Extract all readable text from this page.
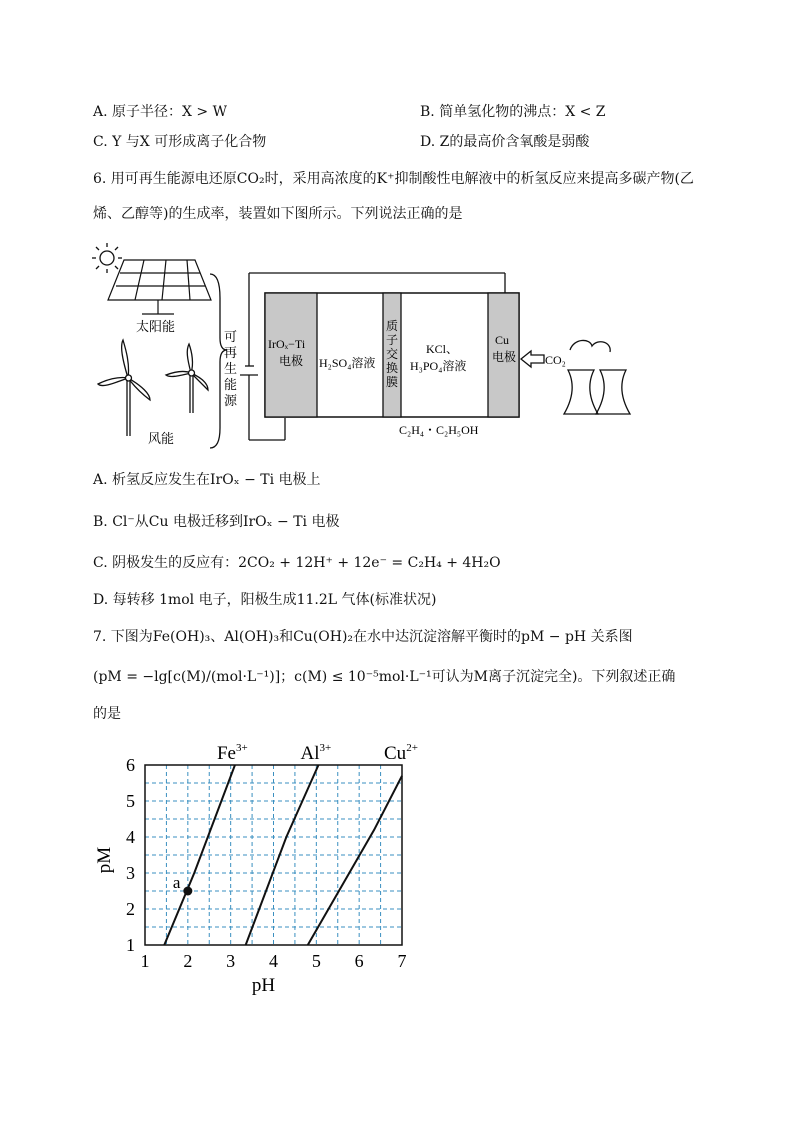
A. 原子半径：X > W	B. 简单氢化物的沸点：X < Z
C. Y 与X 可形成离子化合物	D. Z的最高价含氧酸是弱酸
6. 用可再生能源电还原CO₂时，采用高浓度的K⁺抑制酸性电解液中的析氢反应来提高多碳产物(乙
烯、乙醇等)的生成率，装置如下图所示。下列说法正确的是
太阳能
风能
可
再
生
能
源
IrOₓ−Ti
电极 H₂SO₄溶液
质
子
交
换
膜
KCl、
H₃PO₄溶液
Cu
电极
C₂H₄・C₂H₅OH
CO₂
A. 析氢反应发生在IrOₓ − Ti 电极上
B. Cl⁻从Cu 电极迁移到IrOₓ − Ti 电极
C. 阴极发生的反应有：2CO₂ + 12H⁺ + 12e⁻ = C₂H₄ + 4H₂O
D. 每转移 1mol 电子，阳极生成11.2L 气体(标准状况)
7. 下图为Fe(OH)₃、Al(OH)₃和Cu(OH)₂在水中达沉淀溶解平衡时的pM − pH 关系图
(pM = −lg[c(M)/(mol·L⁻¹)]；c(M) ≤ 10⁻⁵mol·L⁻¹可认为M离子沉淀完全)。下列叙述正确
的是
1 2 3 4 5 6 7
1
2
3
4
5
6
$Fe^{3+}$	$Al^{3+}$	$Cu^{2+}$
a
pH
pM
